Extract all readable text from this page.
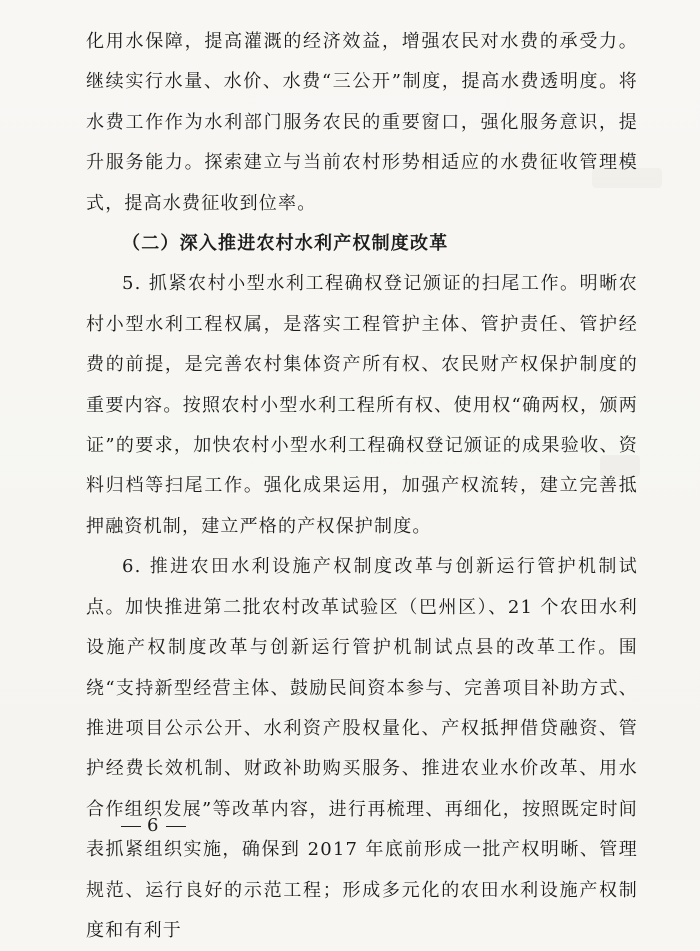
化用水保障，提高灌溉的经济效益，增强农民对水费的承受力。继续实行水量、水价、水费“三公开”制度，提高水费透明度。将水费工作作为水利部门服务农民的重要窗口，强化服务意识，提升服务能力。探索建立与当前农村形势相适应的水费征收管理模式，提高水费征收到位率。

（二）深入推进农村水利产权制度改革

5. 抓紧农村小型水利工程确权登记颁证的扫尾工作。明晰农村小型水利工程权属，是落实工程管护主体、管护责任、管护经费的前提，是完善农村集体资产所有权、农民财产权保护制度的重要内容。按照农村小型水利工程所有权、使用权“确两权，颁两证”的要求，加快农村小型水利工程确权登记颁证的成果验收、资料归档等扫尾工作。强化成果运用，加强产权流转，建立完善抵押融资机制，建立严格的产权保护制度。

6. 推进农田水利设施产权制度改革与创新运行管护机制试点。加快推进第二批农村改革试验区（巴州区）、21 个农田水利设施产权制度改革与创新运行管护机制试点县的改革工作。围绕“支持新型经营主体、鼓励民间资本参与、完善项目补助方式、推进项目公示公开、水利资产股权量化、产权抵押借贷融资、管护经费长效机制、财政补助购买服务、推进农业水价改革、用水合作组织发展”等改革内容，进行再梳理、再细化，按照既定时间表抓紧组织实施，确保到 2017 年底前形成一批产权明晰、管理规范、运行良好的示范工程；形成多元化的农田水利设施产权制度和有利于

6
